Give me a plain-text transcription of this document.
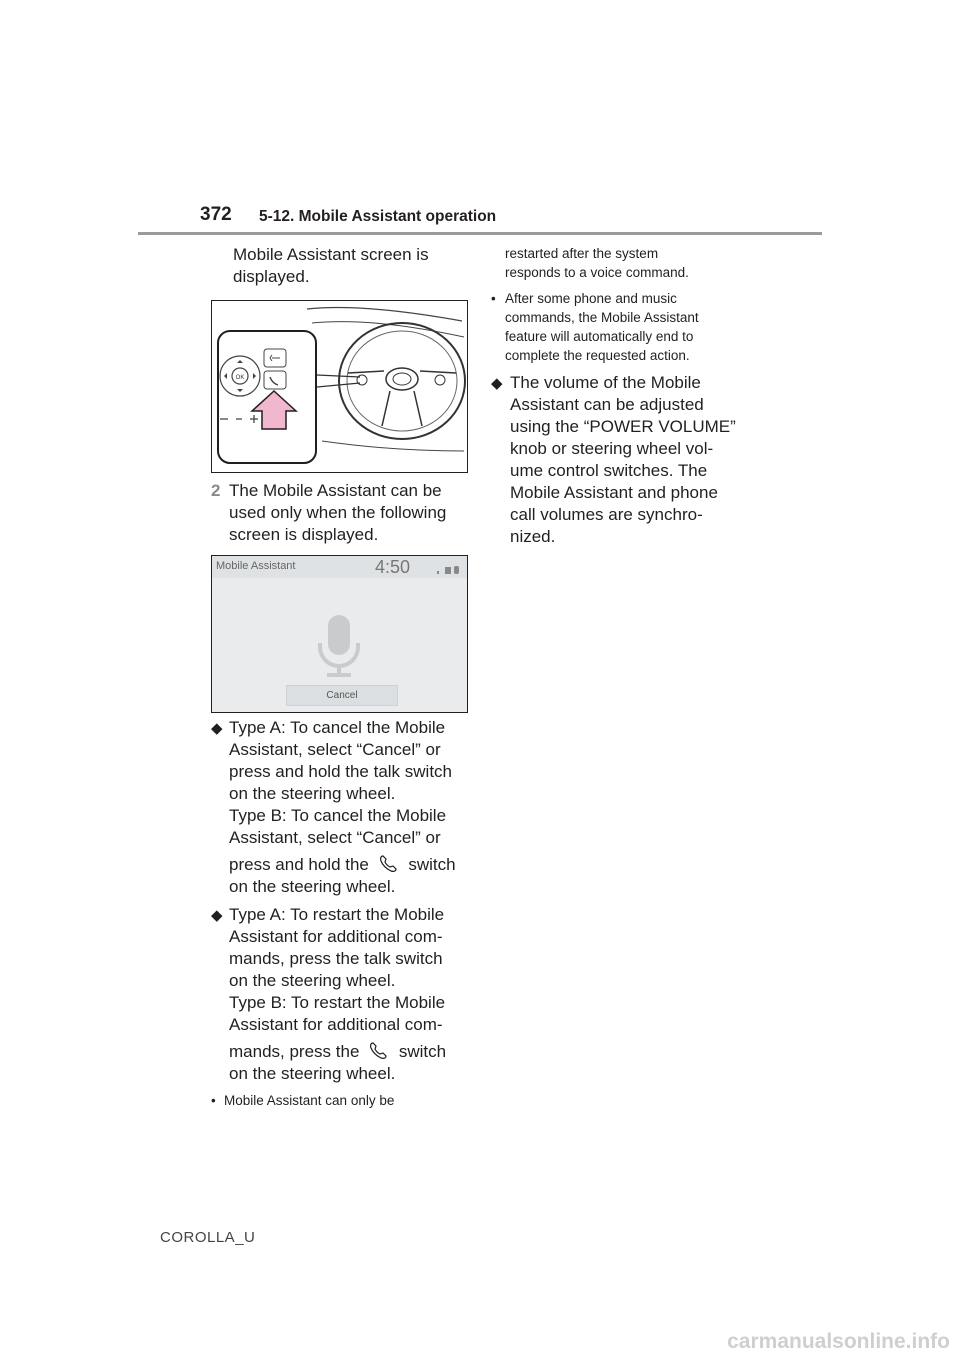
372 5-12. Mobile Assistant operation
Mobile Assistant screen is
displayed.
OK
2 The Mobile Assistant can be
used only when the following
screen is displayed.
Mobile Assistant	4:50
Cancel
◆ Type A: To cancel the Mobile
Assistant, select “Cancel” or
press and hold the talk switch
on the steering wheel.
Type B: To cancel the Mobile
Assistant, select “Cancel” or
press and hold the switch
on the steering wheel.
◆ Type A: To restart the Mobile
Assistant for additional com-
mands, press the talk switch
on the steering wheel.
Type B: To restart the Mobile
Assistant for additional com-
mands, press the switch
on the steering wheel.
• Mobile Assistant can only be
restarted after the system
responds to a voice command.
• After some phone and music
commands, the Mobile Assistant
feature will automatically end to
complete the requested action.
◆ The volume of the Mobile
Assistant can be adjusted
using the “POWER VOLUME”
knob or steering wheel vol-
ume control switches. The
Mobile Assistant and phone
call volumes are synchro-
nized.
COROLLA_U
carmanualsonline.info
